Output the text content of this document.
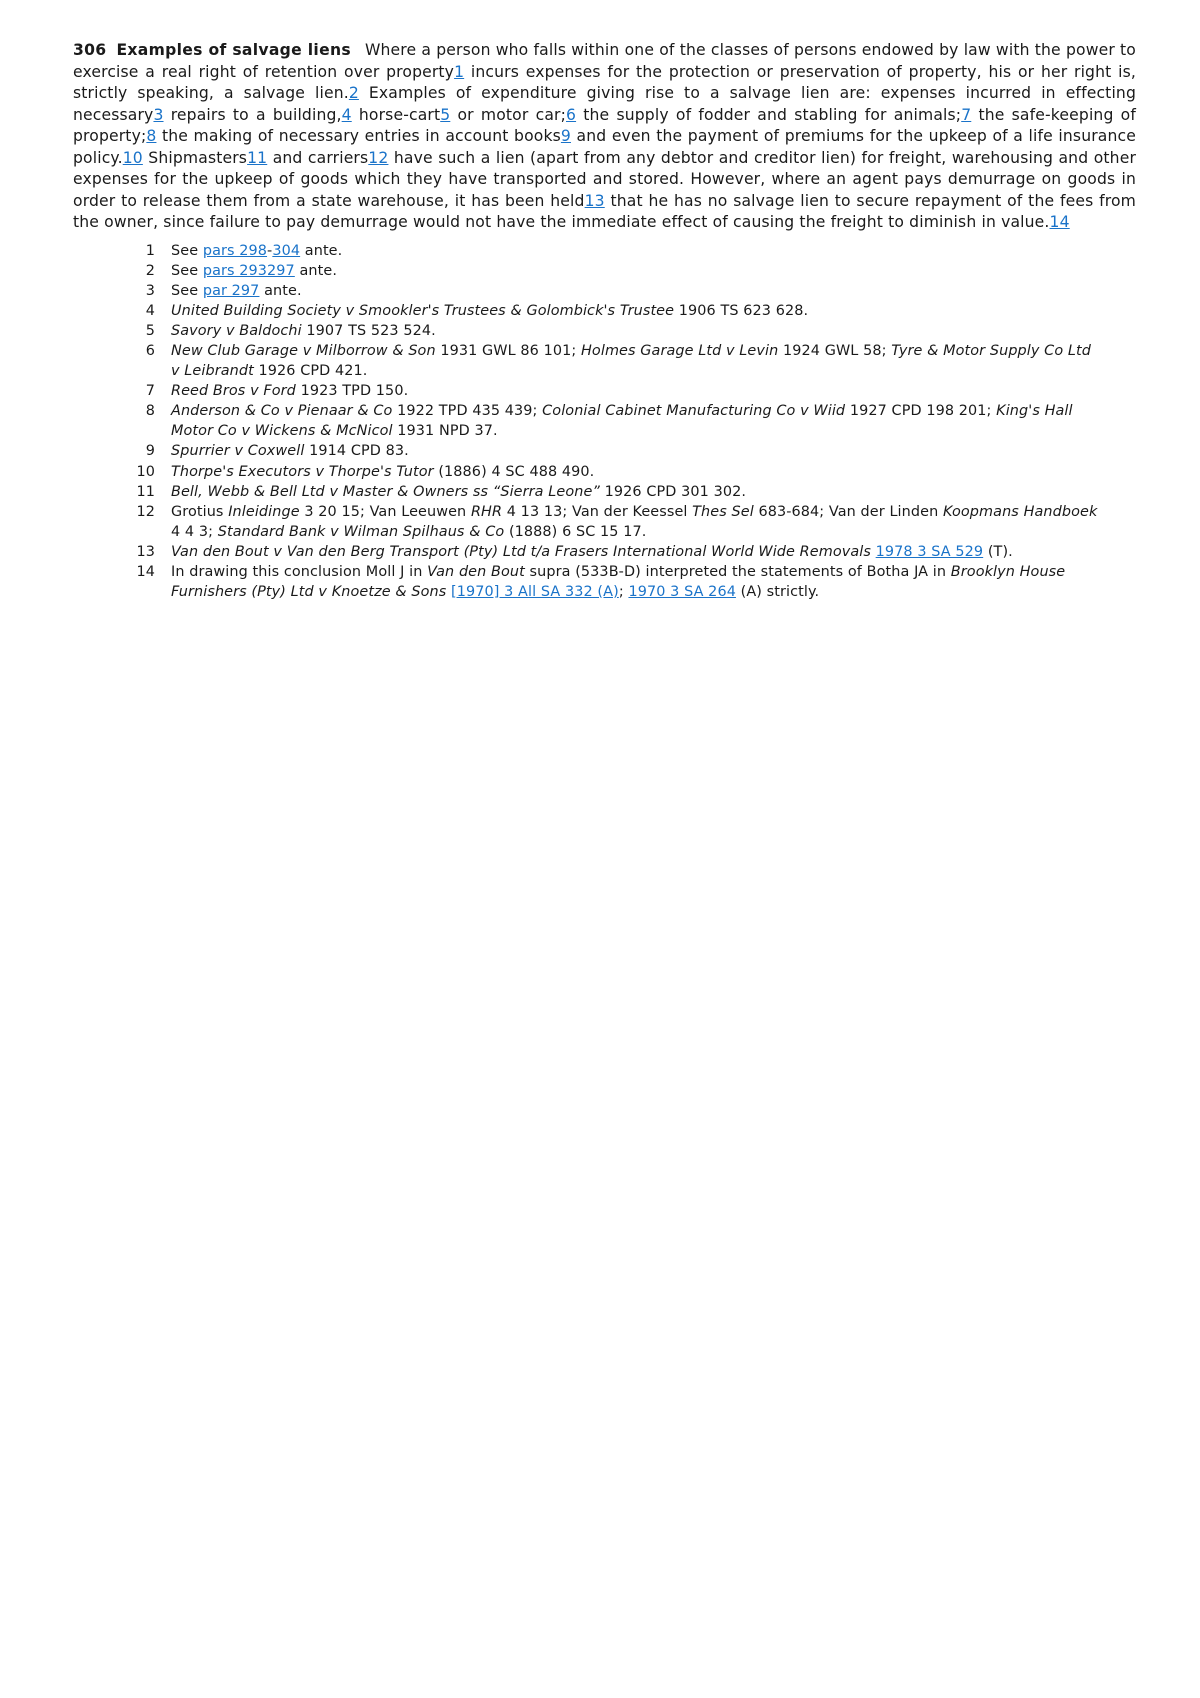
306 Examples of salvage liens Where a person who falls within one of the classes of persons endowed by law with the power to exercise a real right of retention over property1 incurs expenses for the protection or preservation of property, his or her right is, strictly speaking, a salvage lien.2 Examples of expenditure giving rise to a salvage lien are: expenses incurred in effecting necessary3 repairs to a building,4 horse-cart5 or motor car;6 the supply of fodder and stabling for animals;7 the safe-keeping of property;8 the making of necessary entries in account books9 and even the payment of premiums for the upkeep of a life insurance policy.10 Shipmasters11 and carriers12 have such a lien (apart from any debtor and creditor lien) for freight, warehousing and other expenses for the upkeep of goods which they have transported and stored. However, where an agent pays demurrage on goods in order to release them from a state warehouse, it has been held13 that he has no salvage lien to secure repayment of the fees from the owner, since failure to pay demurrage would not have the immediate effect of causing the freight to diminish in value.14

1 See pars 298-304 ante.
2 See pars 293297 ante.
3 See par 297 ante.
4 United Building Society v Smookler's Trustees & Golombick's Trustee 1906 TS 623 628.
5 Savory v Baldochi 1907 TS 523 524.
6 New Club Garage v Milborrow & Son 1931 GWL 86 101; Holmes Garage Ltd v Levin 1924 GWL 58; Tyre & Motor Supply Co Ltd v Leibrandt 1926 CPD 421.
7 Reed Bros v Ford 1923 TPD 150.
8 Anderson & Co v Pienaar & Co 1922 TPD 435 439; Colonial Cabinet Manufacturing Co v Wiid 1927 CPD 198 201; King's Hall Motor Co v Wickens & McNicol 1931 NPD 37.
9 Spurrier v Coxwell 1914 CPD 83.
10 Thorpe's Executors v Thorpe's Tutor (1886) 4 SC 488 490.
11 Bell, Webb & Bell Ltd v Master & Owners ss “Sierra Leone” 1926 CPD 301 302.
12 Grotius Inleidinge 3 20 15; Van Leeuwen RHR 4 13 13; Van der Keessel Thes Sel 683-684; Van der Linden Koopmans Handboek 4 4 3; Standard Bank v Wilman Spilhaus & Co (1888) 6 SC 15 17.
13 Van den Bout v Van den Berg Transport (Pty) Ltd t/a Frasers International World Wide Removals 1978 3 SA 529 (T).
14 In drawing this conclusion Moll J in Van den Bout supra (533B-D) interpreted the statements of Botha JA in Brooklyn House Furnishers (Pty) Ltd v Knoetze & Sons [1970] 3 All SA 332 (A); 1970 3 SA 264 (A) strictly.
